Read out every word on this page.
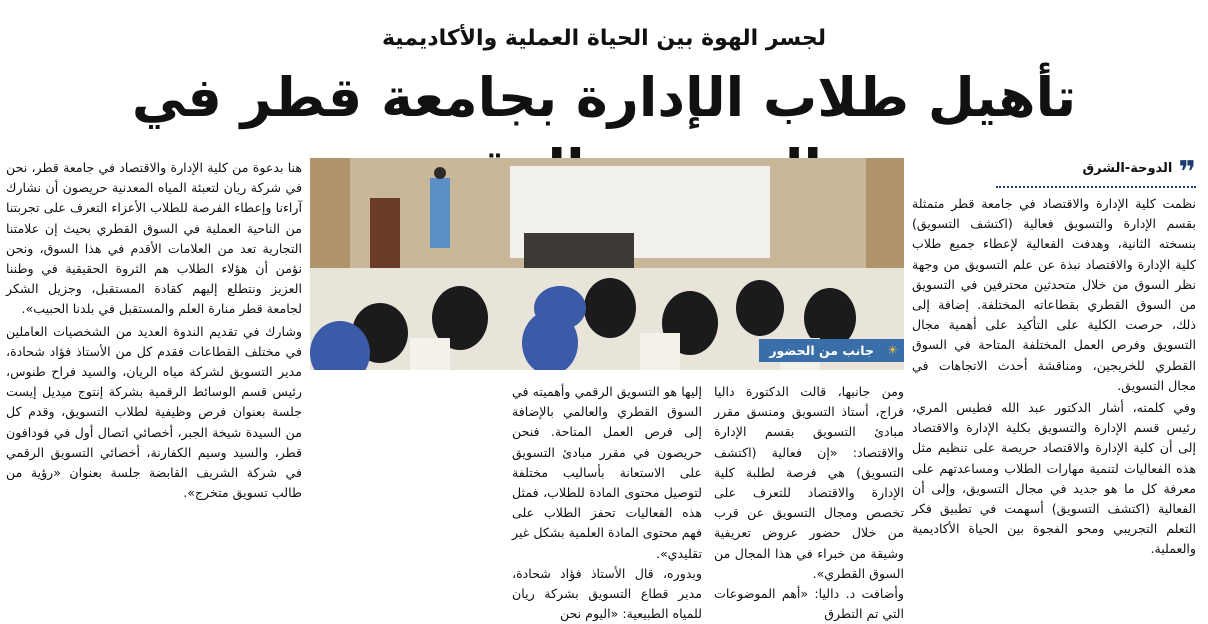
لجسر الهوة بين الحياة العملية والأكاديمية
تأهيل طلاب الإدارة بجامعة قطر في
الدوحة-الشرق ❞

نظمت كلية الإدارة والاقتصاد في جامعة قطر متمثلة بقسم الإدارة والتسويق فعالية (اكتشف التسويق) بنسخته الثانية، وهدفت الفعالية لإعطاء جميع طلاب كلية الإدارة والاقتصاد نبذة عن علم التسويق من وجهة نظر السوق من خلال متحدثين محترفين في التسويق من السوق القطري بقطاعاته المختلفة. إضافة إلى ذلك، حرصت الكلية على التأكيد على أهمية مجال التسويق وفرص العمل المختلفة المتاحة في السوق القطري للخريجين، ومناقشة أحدث الاتجاهات في مجال التسويق.

وفي كلمته، أشار الدكتور عبد الله فطيس المري، رئيس قسم الإدارة والتسويق بكلية الإدارة والاقتصاد إلى أن كلية الإدارة والاقتصاد حريصة على تنظيم مثل هذه الفعاليات لتنمية مهارات الطلاب ومساعدتهم على معرفة كل ما هو جديد في مجال التسويق، وإلى أن الفعالية (اكتشف التسويق) أسهمت في تطبيق فكر التعلم التجريبي ومحو الفجوة بين الحياة الأكاديمية والعملية.

☀
جانب من الحضور

هنا بدعوة من كلية الإدارة والاقتصاد في جامعة قطر، نحن في شركة ريان لتعبئة المياه المعدنية حريصون أن نشارك آراءنا وإعطاء الفرصة للطلاب الأعزاء التعرف على تجربتنا من الناحية العملية في السوق القطري بحيث إن علامتنا التجارية تعد من العلامات الأقدم في هذا السوق، ونحن نؤمن أن هؤلاء الطلاب هم الثروة الحقيقية في وطننا العزيز ونتطلع إليهم كقادة المستقبل، وجزيل الشكر لجامعة قطر منارة العلم والمستقبل في بلدنا الحبيب».

وشارك في تقديم الندوة العديد من الشخصيات العاملين في مختلف القطاعات فقدم كل من الأستاذ فؤاد شحادة، مدير التسويق لشركة مياه الريان، والسيد فراح طنوس، رئيس قسم الوسائط الرقمية بشركة إنتوج ميديل إيست جلسة بعنوان فرص وظيفية لطلاب التسويق، وقدم كل من السيدة شيخة الجبر، أخصائي اتصال أول في فودافون قطر، والسيد وسيم الكفارنة، أخصائي التسويق الرقمي في شركة الشريف القابضة جلسة بعنوان «رؤية من طالب تسويق متخرج».

ومن جانبها، قالت الدكتورة داليا فراج، أستاذ التسويق ومنسق مقرر مبادئ التسويق بقسم الإدارة والاقتصاد: «إن فعالية (اكتشف التسويق) هي فرصة لطلبة كلية الإدارة والاقتصاد للتعرف على تخصص ومجال التسويق عن قرب من خلال حضور عروض تعريفية وشيقة من خبراء في هذا المجال من السوق القطري».
وأضافت د. داليا: «أهم الموضوعات التي تم التطرق

إليها هو التسويق الرقمي وأهميته في السوق القطري والعالمي بالإضافة إلى فرص العمل المتاحة. فنحن حريصون في مقرر مبادئ التسويق على الاستعانة بأساليب مختلفة لتوصيل محتوى المادة للطلاب، فمثل هذه الفعاليات تحفز الطلاب على فهم محتوى المادة العلمية بشكل غير تقليدي».
وبدوره، قال الأستاذ فؤاد شحادة، مدير قطاع التسويق بشركة ريان للمياه الطبيعية: «اليوم نحن
